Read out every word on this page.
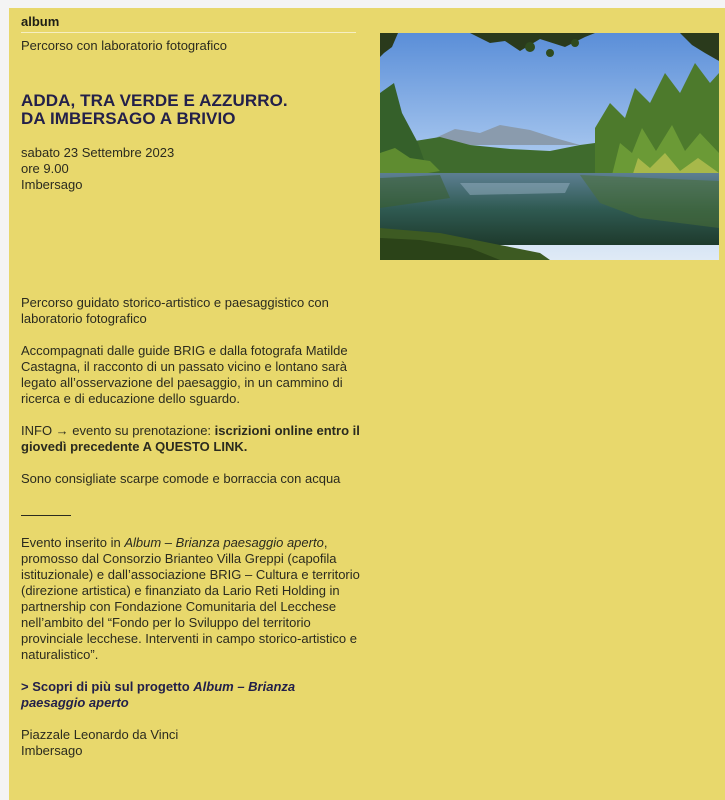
album
Percorso con laboratorio fotografico
ADDA, TRA VERDE E AZZURRO.
DA IMBERSAGO A BRIVIO
sabato 23 Settembre 2023
ore 9.00
Imbersago

Percorso guidato storico-artistico e paesaggistico con laboratorio fotografico

Accompagnati dalle guide BRIG e dalla fotografa Matilde Castagna, il racconto di un passato vicino e lontano sarà legato all’osservazione del paesaggio, in un cammino di ricerca e di educazione dello sguardo.

INFO → evento su prenotazione: iscrizioni online entro il giovedì precedente A QUESTO LINK.

Sono consigliate scarpe comode e borraccia con acqua

Evento inserito in Album – Brianza paesaggio aperto, promosso dal Consorzio Brianteo Villa Greppi (capofila istituzionale) e dall’associazione BRIG – Cultura e territorio (direzione artistica) e finanziato da Lario Reti Holding in partnership con Fondazione Comunitaria del Lecchese nell’ambito del “Fondo per lo Sviluppo del territorio provinciale lecchese. Interventi in campo storico-artistico e naturalistico”.

> Scopri di più sul progetto Album – Brianza paesaggio aperto

Piazzale Leonardo da Vinci
Imbersago
